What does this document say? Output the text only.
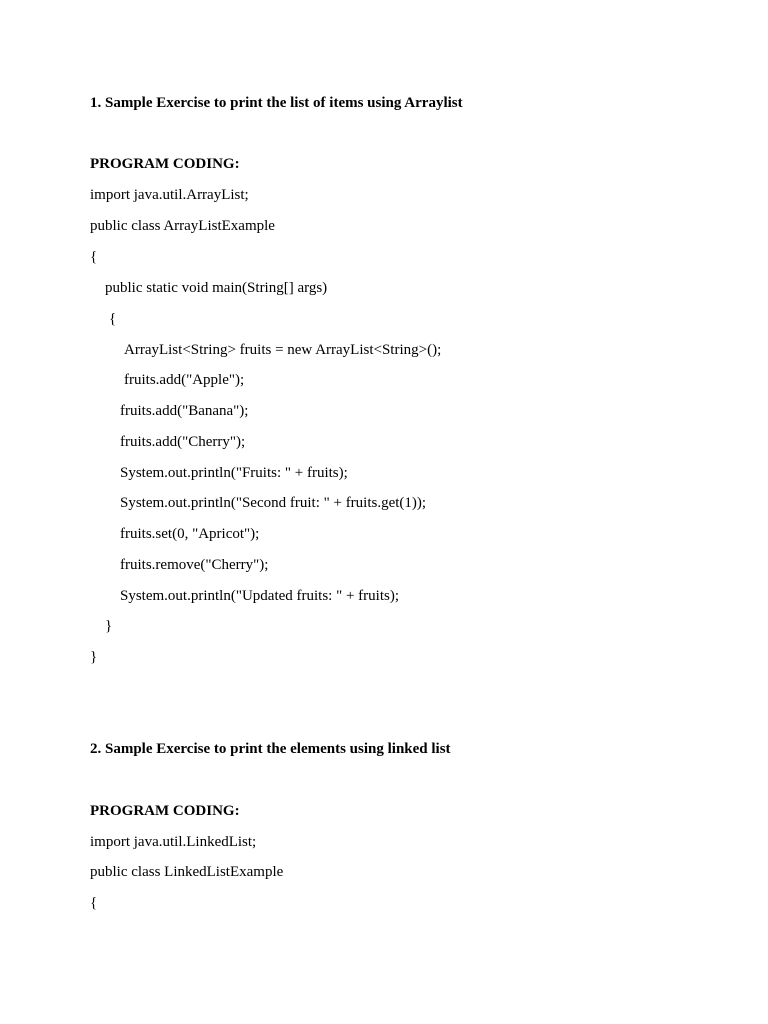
1. Sample Exercise to print the list of items using Arraylist
PROGRAM CODING:
import java.util.ArrayList;
public class ArrayListExample
{
public static void main(String[] args)
{
ArrayList<String> fruits = new ArrayList<String>();
fruits.add("Apple");
fruits.add("Banana");
fruits.add("Cherry");
System.out.println("Fruits: " + fruits);
System.out.println("Second fruit: " + fruits.get(1));
fruits.set(0, "Apricot");
fruits.remove("Cherry");
System.out.println("Updated fruits: " + fruits);
}
}
2. Sample Exercise to print the elements using linked list
PROGRAM CODING:
import java.util.LinkedList;
public class LinkedListExample
{
